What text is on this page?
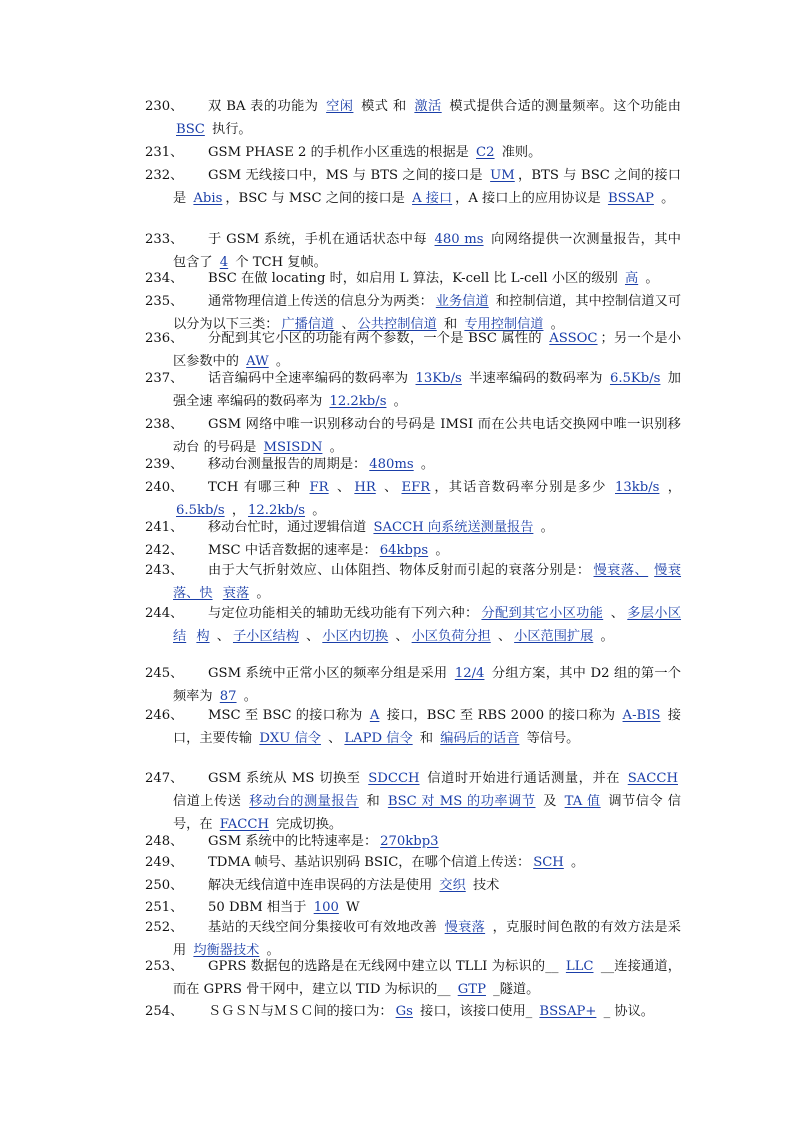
230、	双 BA 表的功能为 空闲 模式 和 激活 模式提供合适的测量频率。这个功能由 BSC 执行。
231、	GSM PHASE 2 的手机作小区重选的根据是 C2 准则。
232、	GSM 无线接口中，MS 与 BTS 之间的接口是 UM ，BTS 与 BSC 之间的接口是 Abis ，BSC 与 MSC 之间的接口是 A 接口 ，A 接口上的应用协议是 BSSAP 。
233、	于 GSM 系统，手机在通话状态中每 480 ms 向网络提供一次测量报告，其中包含了 4 个 TCH 复帧。
234、	BSC 在做 locating 时，如启用 L 算法，K-cell 比 L-cell 小区的级别 高 。
235、	通常物理信道上传送的信息分为两类： 业务信道 和控制信道，其中控制信道又可以分为以下三类： 广播信道 、 公共控制信道 和 专用控制信道 。
236、	分配到其它小区的功能有两个参数，一个是 BSC 属性的 ASSOC ；另一个是小区参数中的 AW 。
237、	话音编码中全速率编码的数码率为 13Kb/s 半速率编码的数码率为 6.5Kb/s 加强全速 率编码的数码率为 12.2kb/s 。
238、	GSM 网络中唯一识别移动台的号码是 IMSI 而在公共电话交换网中唯一识别移动台 的号码是 MSISDN 。
239、	移动台测量报告的周期是： 480ms 。
240、	TCH 有哪三种 FR 、 HR 、 EFR ，其话音数码率分别是多少 13kb/s ，6.5kb/s ， 12.2kb/s 。
241、	移动台忙时，通过逻辑信道 SACCH 向系统送测量报告 。
242、	MSC 中话音数据的速率是： 64kbps 。
243、	由于大气折射效应、山体阻挡、物体反射而引起的衰落分别是： 慢衰落、 慢衰落、快 衰落 。
244、	与定位功能相关的辅助无线功能有下列六种： 分配到其它小区功能 、 多层小区结 构 、 子小区结构 、 小区内切换 、 小区负荷分担 、 小区范围扩展 。
245、	GSM 系统中正常小区的频率分组是采用 12/4 分组方案，其中 D2 组的第一个频率为 87 。
246、	MSC 至 BSC 的接口称为 A 接口，BSC 至 RBS 2000 的接口称为 A-BIS 接 口，主要传输 DXU 信令 、 LAPD 信令 和 编码后的话音 等信号。
247、	GSM 系统从 MS 切换至 SDCCH 信道时开始进行通话测量，并在 SACCH 信道上传送 移动台的测量报告 和 BSC 对 MS 的功率调节 及 TA 值 调节信令 信号，在 FACCH 完成切换。
248、	GSM 系统中的比特速率是： 270kbp3
249、	TDMA 帧号、基站识别码 BSIC，在哪个信道上传送： SCH 。
250、	解决无线信道中连串误码的方法是使用 交织 技术
251、	50 DBM 相当于 100 W
252、	基站的天线空间分集接收可有效地改善 慢衰落 ，克服时间色散的有效方法是采用 均衡器技术 。
253、	GPRS 数据包的选路是在无线网中建立以 TLLI 为标识的__ LLC __连接通道，而在 GPRS 骨干网中，建立以 TID 为标识的__ GTP _隧道。
254、	ＳＧＳＮ与ＭＳＣ间的接口为： Gs 接口，该接口使用_ BSSAP+ _ 协议。
